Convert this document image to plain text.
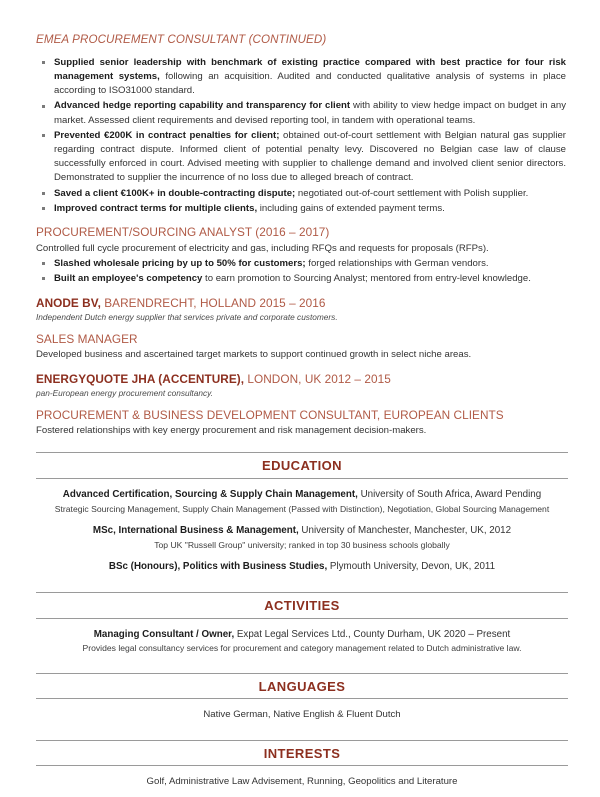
EMEA PROCUREMENT CONSULTANT (CONTINUED)
Supplied senior leadership with benchmark of existing practice compared with best practice for four risk management systems, following an acquisition. Audited and conducted qualitative analysis of systems in place according to ISO31000 standard.
Advanced hedge reporting capability and transparency for client with ability to view hedge impact on budget in any market. Assessed client requirements and devised reporting tool, in tandem with operational teams.
Prevented €200K in contract penalties for client; obtained out-of-court settlement with Belgian natural gas supplier regarding contract dispute. Informed client of potential penalty levy. Discovered no Belgian case law of clause successfully enforced in court. Advised meeting with supplier to challenge demand and involved client senior directors. Demonstrated to supplier the incurrence of no loss due to alleged breach of contract.
Saved a client €100K+ in double-contracting dispute; negotiated out-of-court settlement with Polish supplier.
Improved contract terms for multiple clients, including gains of extended payment terms.
PROCUREMENT/SOURCING ANALYST (2016 – 2017)
Controlled full cycle procurement of electricity and gas, including RFQs and requests for proposals (RFPs).
Slashed wholesale pricing by up to 50% for customers; forged relationships with German vendors.
Built an employee's competency to earn promotion to Sourcing Analyst; mentored from entry-level knowledge.
ANODE BV, BARENDRECHT, HOLLAND 2015 – 2016
Independent Dutch energy supplier that services private and corporate customers.
SALES MANAGER
Developed business and ascertained target markets to support continued growth in select niche areas.
ENERGYQUOTE JHA (ACCENTURE), LONDON, UK 2012 – 2015
pan-European energy procurement consultancy.
PROCUREMENT & BUSINESS DEVELOPMENT CONSULTANT, EUROPEAN CLIENTS
Fostered relationships with key energy procurement and risk management decision-makers.
EDUCATION
Advanced Certification, Sourcing & Supply Chain Management, University of South Africa, Award Pending
Strategic Sourcing Management, Supply Chain Management (Passed with Distinction), Negotiation, Global Sourcing Management
MSc, International Business & Management, University of Manchester, Manchester, UK, 2012
Top UK "Russell Group" university; ranked in top 30 business schools globally
BSc (Honours), Politics with Business Studies, Plymouth University, Devon, UK, 2011
ACTIVITIES
Managing Consultant / Owner, Expat Legal Services Ltd., County Durham, UK 2020 – Present
Provides legal consultancy services for procurement and category management related to Dutch administrative law.
LANGUAGES
Native German, Native English & Fluent Dutch
INTERESTS
Golf, Administrative Law Advisement, Running, Geopolitics and Literature
